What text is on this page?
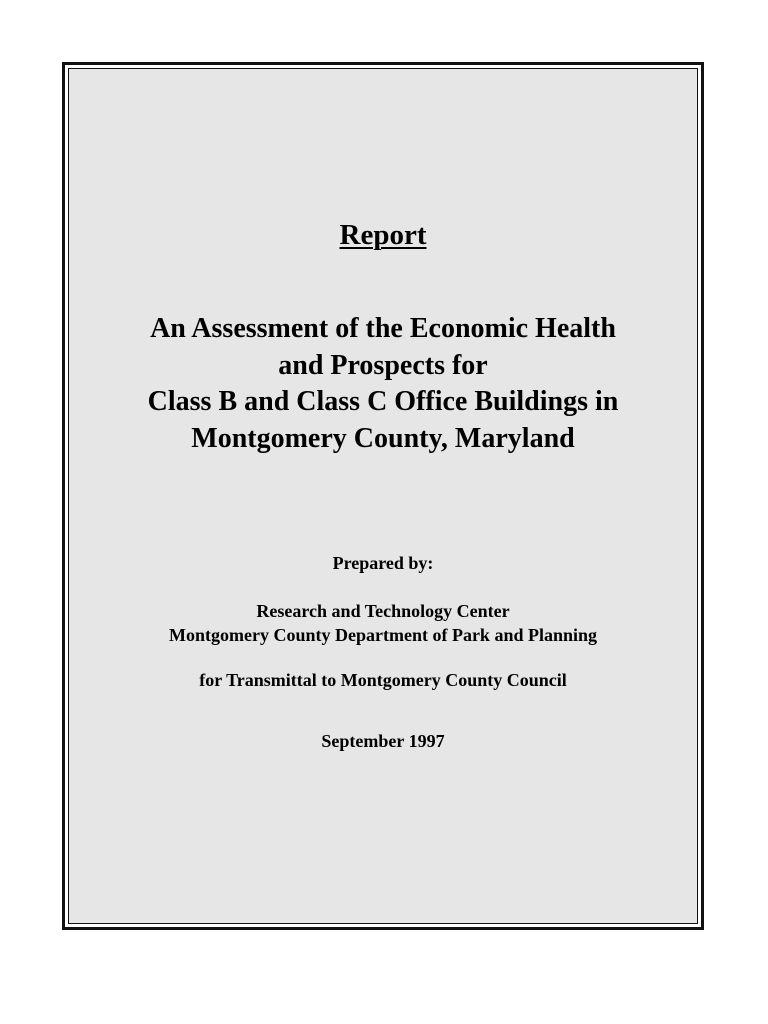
Report
An Assessment of the Economic Health
and Prospects for
Class B and Class C Office Buildings in
Montgomery County, Maryland
Prepared by:
Research and Technology Center
Montgomery County Department of Park and Planning
for Transmittal to Montgomery County Council
September 1997
